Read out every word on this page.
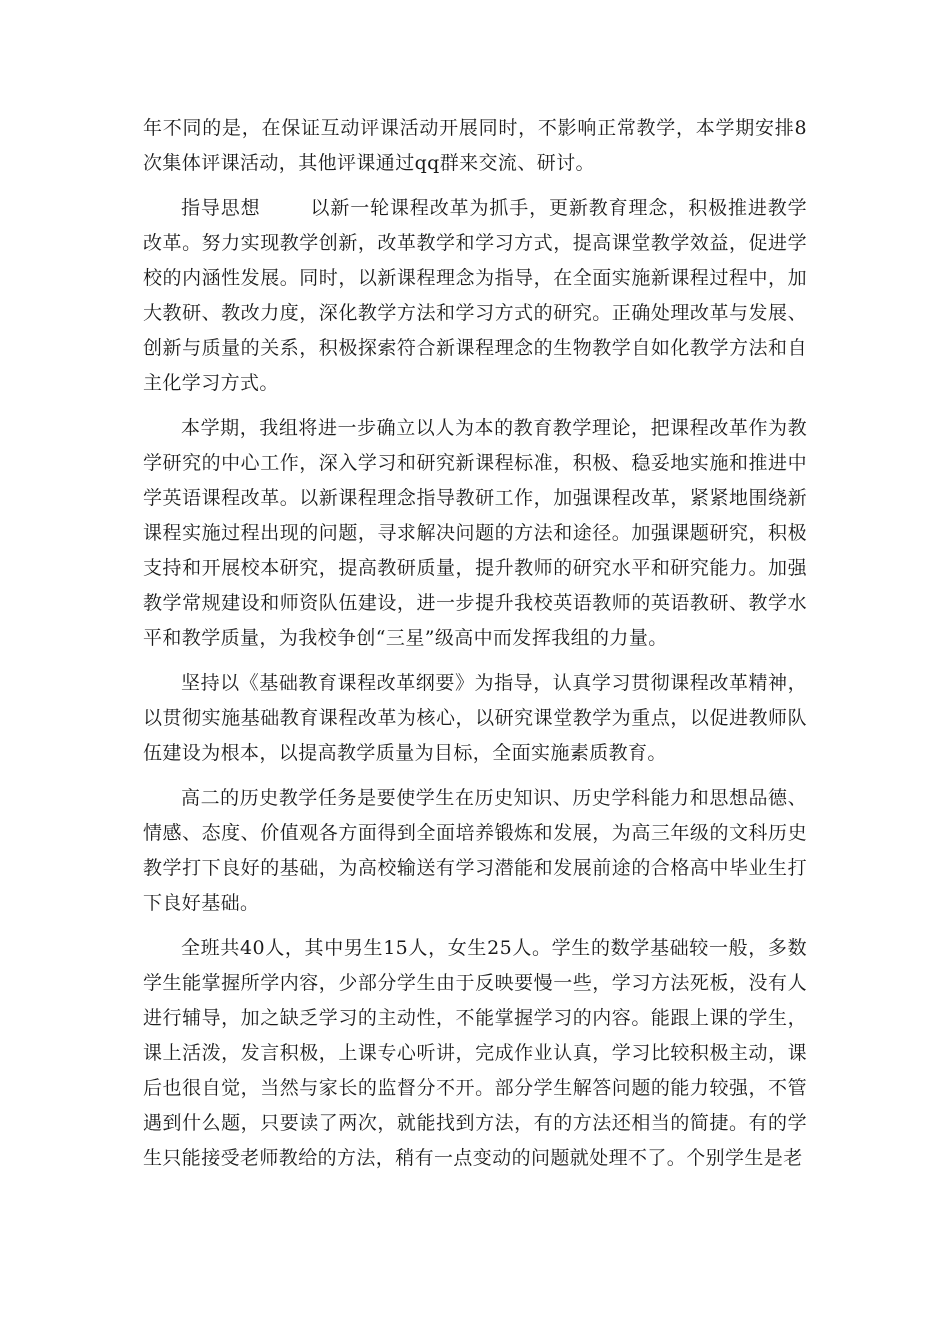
年不同的是，在保证互动评课活动开展同时，不影响正常教学，本学期安排8次集体评课活动，其他评课通过qq群来交流、研讨。

指导思想	以新一轮课程改革为抓手，更新教育理念，积极推进教学改革。努力实现教学创新，改革教学和学习方式，提高课堂教学效益，促进学校的内涵性发展。同时，以新课程理念为指导，在全面实施新课程过程中，加大教研、教改力度，深化教学方法和学习方式的研究。正确处理改革与发展、创新与质量的关系，积极探索符合新课程理念的生物教学自如化教学方法和自主化学习方式。

本学期，我组将进一步确立以人为本的教育教学理论，把课程改革作为教学研究的中心工作，深入学习和研究新课程标准，积极、稳妥地实施和推进中学英语课程改革。以新课程理念指导教研工作，加强课程改革，紧紧地围绕新课程实施过程出现的问题，寻求解决问题的方法和途径。加强课题研究，积极支持和开展校本研究，提高教研质量，提升教师的研究水平和研究能力。加强教学常规建设和师资队伍建设，进一步提升我校英语教师的英语教研、教学水平和教学质量，为我校争创“三星”级高中而发挥我组的力量。

坚持以《基础教育课程改革纲要》为指导，认真学习贯彻课程改革精神，以贯彻实施基础教育课程改革为核心，以研究课堂教学为重点，以促进教师队伍建设为根本，以提高教学质量为目标，全面实施素质教育。

高二的历史教学任务是要使学生在历史知识、历史学科能力和思想品德、情感、态度、价值观各方面得到全面培养锻炼和发展，为高三年级的文科历史教学打下良好的基础，为高校输送有学习潜能和发展前途的合格高中毕业生打下良好基础。

全班共40人，其中男生15人，女生25人。学生的数学基础较一般，多数学生能掌握所学内容，少部分学生由于反映要慢一些，学习方法死板，没有人进行辅导，加之缺乏学习的主动性，不能掌握学习的内容。能跟上课的学生，课上活泼，发言积极，上课专心听讲，完成作业认真，学习比较积极主动，课后也很自觉，当然与家长的监督分不开。部分学生解答问题的能力较强，不管遇到什么题，只要读了两次，就能找到方法，有的方法还相当的简捷。有的学生只能接受老师教给的方法，稍有一点变动的问题就处理不了。个别学生是老
